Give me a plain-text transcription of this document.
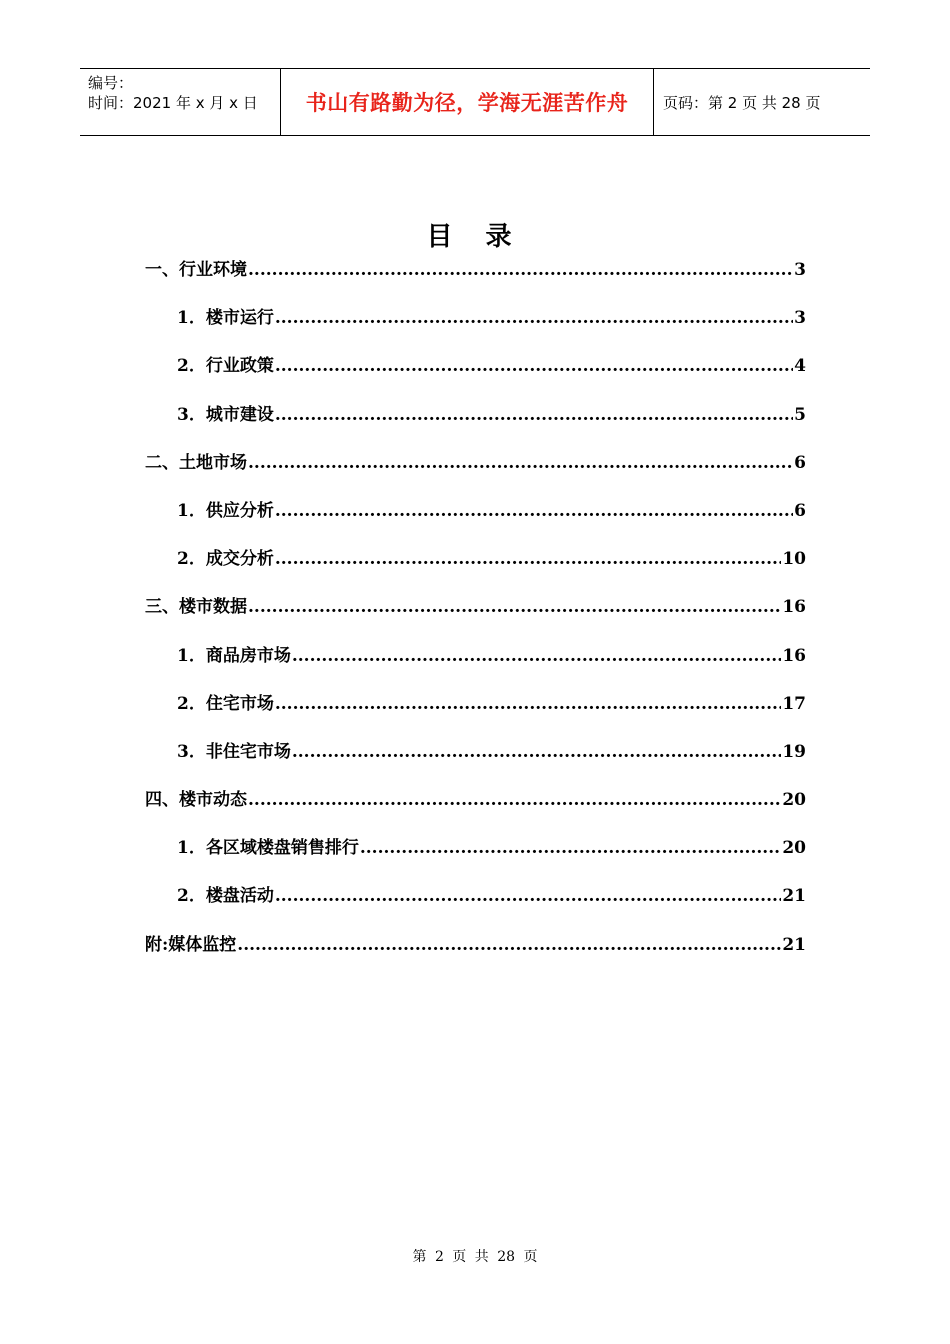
编号：
时间：2021 年 x 月 x 日	书山有路勤为径，学海无涯苦作舟 页码：第 2 页 共 28 页
目 录
一、行业环境 .....	3
1．楼市运行 .....	3
2．行业政策 .....	4
3．城市建设 .....	5
二、土地市场 .....	6
1．供应分析 .....	6
2．成交分析 .....	10
三、楼市数据 .....	16
1．商品房市场 .....	16
2．住宅市场 .....	17
3．非住宅市场 .....	19
四、楼市动态 .....	20
1．各区域楼盘销售排行 .....	20
2．楼盘活动 .....	21
附:媒体监控 .....	21
第 2 页 共 28 页
